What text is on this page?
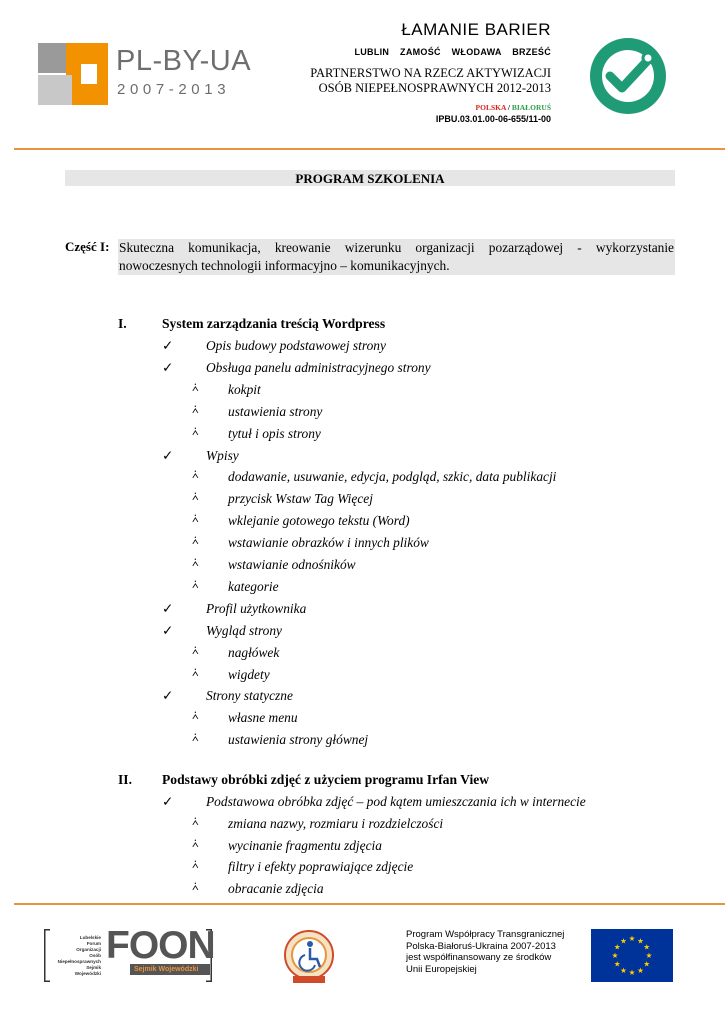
PL-BY-UA
2007-2013
ŁAMANIE BARIER
LUBLIN ZAMOŚĆ WŁODAWA BRZEŚĆ
PARTNERSTWO NA RZECZ AKTYWIZACJI
OSÓB NIEPEŁNOSPRAWNYCH 2012-2013
POLSKA / BIAŁORUŚ
IPBU.03.01.00-06-655/11-00
PROGRAM SZKOLENIA
Część I: Skuteczna komunikacja, kreowanie wizerunku organizacji pozarządowej - wykorzystanie nowoczesnych technologii informacyjno – komunikacyjnych.
I.	System zarządzania treścią Wordpress
✓ Opis budowy podstawowej strony
✓ Obsługa panelu administracyjnego strony
⩑ kokpit
⩑ ustawienia strony
⩑ tytuł i opis strony
✓ Wpisy
⩑ dodawanie, usuwanie, edycja, podgląd, szkic, data publikacji
⩑ przycisk Wstaw Tag Więcej
⩑ wklejanie gotowego tekstu (Word)
⩑ wstawianie obrazków i innych plików
⩑ wstawianie odnośników
⩑ kategorie
✓ Profil użytkownika
✓ Wygląd strony
⩑ nagłówek
⩑ wigdety
✓ Strony statyczne
⩑ własne menu
⩑ ustawienia strony głównej
II. Podstawy obróbki zdjęć z użyciem programu Irfan View
✓ Podstawowa obróbka zdjęć – pod kątem umieszczania ich w internecie
⩑ zmiana nazwy, rozmiaru i rozdzielczości
⩑ wycinanie fragmentu zdjęcia
⩑ filtry i efekty poprawiające zdjęcie
⩑ obracanie zdjęcia
Lubelskie
Forum
Organizacji
Osób
Niepełnosprawnych
Sejmik
Wojewódzki
FOON
Sejmik Wojewódzki
Program Współpracy Transgranicznej
Polska-Białoruś-Ukraina 2007-2013
jest współfinansowany ze środków
Unii Europejskiej
★ ★
★
★
★
★
★
★
★
★
★
★
